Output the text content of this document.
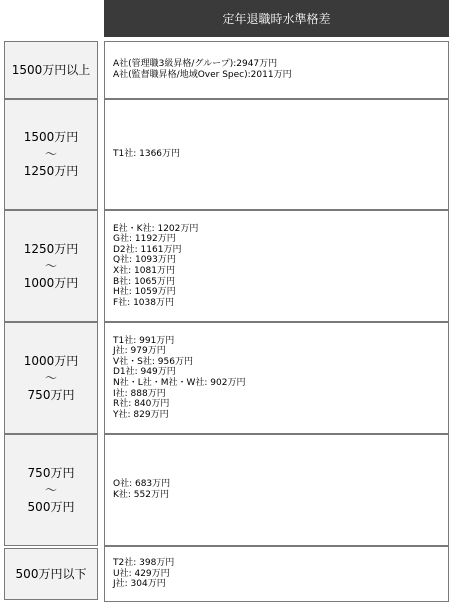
定年退職時水準格差
1500万円以上	A社(管理職3級昇格/グループ):2947万円
A社(監督職昇格/地域Over Spec):2011万円
1500万円
～
1250万円
T1社: 1366万円
1250万円
～
1000万円
E社・K社: 1202万円
G社: 1192万円
D2社: 1161万円
Q社: 1093万円
X社: 1081万円
B社: 1065万円
H社: 1059万円
F社: 1038万円
1000万円
～
750万円
T1社: 991万円
J社: 979万円
V社・S社: 956万円
D1社: 949万円
N社・L社・M社・W社: 902万円
I社: 888万円
R社: 840万円
Y社: 829万円
750万円
～
500万円
O社: 683万円
K社: 552万円
500万円以下
T2社: 398万円
U社: 429万円
J社: 304万円
